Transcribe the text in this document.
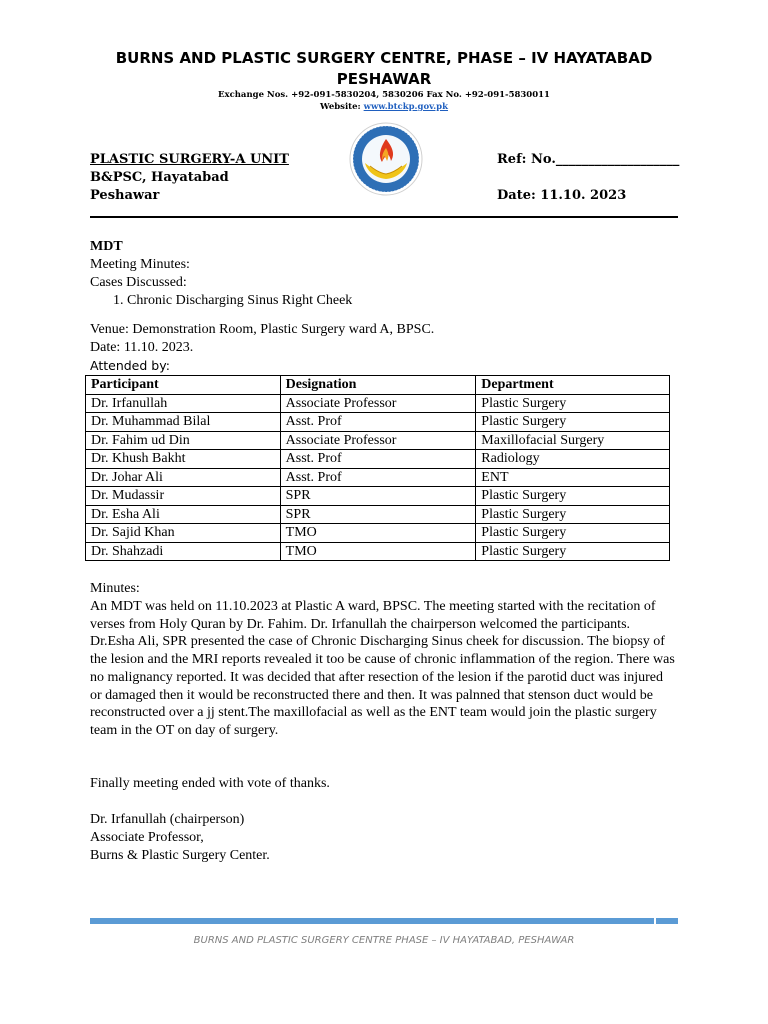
BURNS AND PLASTIC SURGERY CENTRE, PHASE – IV HAYATABAD
PESHAWAR
Exchange Nos. +92-091-5830204, 5830206 Fax No. +92-091-5830011
Website: www.btckp.gov.pk
PLASTIC SURGERY-A UNIT
B&PSC, Hayatabad
Peshawar
Ref: No.___________________
Date: 11.10. 2023
MDT
Meeting Minutes:
Cases Discussed:
1. Chronic Discharging Sinus Right Cheek
Venue: Demonstration Room, Plastic Surgery ward A, BPSC.
Date: 11.10. 2023.
Attended by:
Participant	Designation	Department
Dr. Irfanullah	Associate Professor	Plastic Surgery
Dr. Muhammad Bilal	Asst. Prof	Plastic Surgery
Dr. Fahim ud Din	Associate Professor	Maxillofacial Surgery
Dr. Khush Bakht	Asst. Prof	Radiology
Dr. Johar Ali	Asst. Prof	ENT
Dr. Mudassir	SPR	Plastic Surgery
Dr. Esha Ali	SPR	Plastic Surgery
Dr. Sajid Khan	TMO	Plastic Surgery
Dr. Shahzadi	TMO	Plastic Surgery
Minutes:
An MDT was held on 11.10.2023 at Plastic A ward, BPSC. The meeting started with the recitation of verses from Holy Quran by Dr. Fahim. Dr. Irfanullah the chairperson welcomed the participants. Dr.Esha Ali, SPR presented the case of Chronic Discharging Sinus cheek for discussion. The biopsy of the lesion and the MRI reports revealed it too be cause of chronic inflammation of the region. There was no malignancy reported. It was decided that after resection of the lesion if the parotid duct was injured or damaged then it would be reconstructed there and then. It was palnned that stenson duct would be reconstructed over a jj stent.The maxillofacial as well as the ENT team would join the plastic surgery team in the OT on day of surgery.
Finally meeting ended with vote of thanks.
Dr. Irfanullah (chairperson)
Associate Professor,
Burns & Plastic Surgery Center.
BURNS AND PLASTIC SURGERY CENTRE PHASE – IV HAYATABAD, PESHAWAR
